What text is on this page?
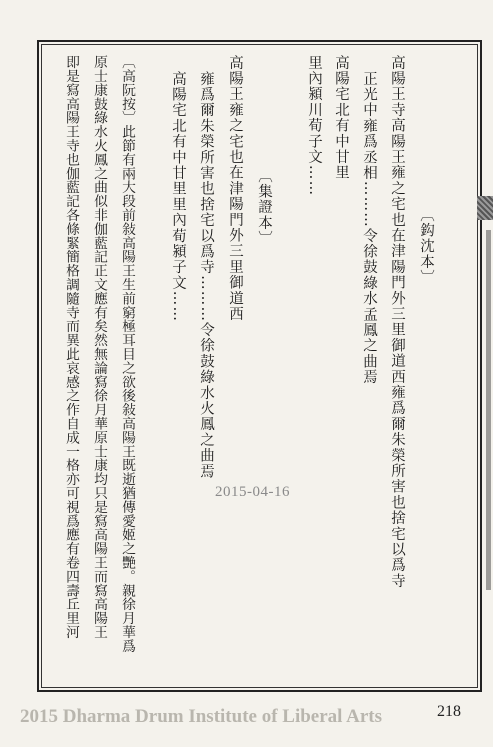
〔鈎沈本〕
高陽王寺高陽王雍之宅也在津陽門外三里御道西雍爲爾朱榮所害也捨宅以爲寺
正光中雍爲丞相………令徐鼓綠水孟鳳之曲焉
高陽宅北有中甘里
里內潁川荀子文……
〔集證本〕
高陽王雍之宅也在津陽門外三里御道西
雍爲爾朱榮所害也捨宅以爲寺………令徐鼓綠水火鳳之曲焉
高陽宅北有中甘里里內荀潁子文……
〔高阮按〕此節有兩大段前敍高陽王生前窮極耳目之欲後敍高陽王既逝猶傳愛姬之艷。親徐月華爲
原士康鼓綠水火鳳之曲似非伽藍記正文應有矣然無論寫徐月華原士康均只是寫高陽王而寫高陽王
即是寫高陽王寺也伽藍記各條緊簡格調隨寺而異此哀感之作自成一格亦可視爲應有卷四壽丘里河	2015-04-16
2015 Dharma Drum Institute of Liberal Arts	218
